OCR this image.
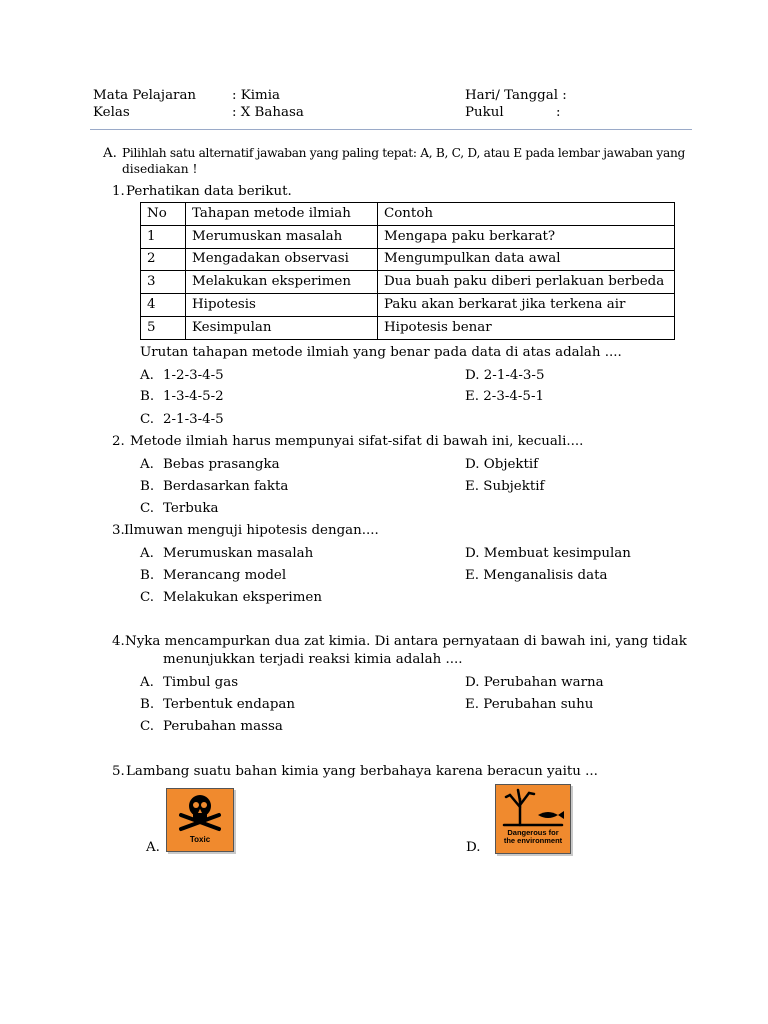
Mata Pelajaran	: Kimia	Hari/ Tanggal :
Kelas	: X Bahasa	Pukul	:
A. Pilihlah satu alternatif jawaban yang paling tepat: A, B, C, D, atau E pada lembar jawaban yang
disediakan !
1. Perhatikan data berikut.
No	Tahapan metode ilmiah	Contoh
1	Merumuskan masalah	Mengapa paku berkarat?
2	Mengadakan observasi	Mengumpulkan data awal
3	Melakukan eksperimen	Dua buah paku diberi perlakuan berbeda
4	Hipotesis	Paku akan berkarat jika terkena air
5	Kesimpulan	Hipotesis benar
Urutan tahapan metode ilmiah yang benar pada data di atas adalah ....
A. 1-2-3-4-5	D. 2-1-4-3-5
B. 1-3-4-5-2	E. 2-3-4-5-1
C. 2-1-3-4-5
2. Metode ilmiah harus mempunyai sifat-sifat di bawah ini, kecuali....
A. Bebas prasangka	D. Objektif
B. Berdasarkan fakta	E. Subjektif
C. Terbuka
3. Ilmuwan menguji hipotesis dengan....
A. Merumuskan masalah	D. Membuat kesimpulan
B. Merancang model	E. Menganalisis data
C. Melakukan eksperimen
4. Nyka mencampurkan dua zat kimia. Di antara pernyataan di bawah ini, yang tidak
menunjukkan terjadi reaksi kimia adalah ....
A. Timbul gas	D. Perubahan warna
B. Terbentuk endapan	E. Perubahan suhu
C. Perubahan massa
5. Lambang suatu bahan kimia yang berbahaya karena beracun yaitu ...
A.
Toxic
D.
Dangerous for the environment
